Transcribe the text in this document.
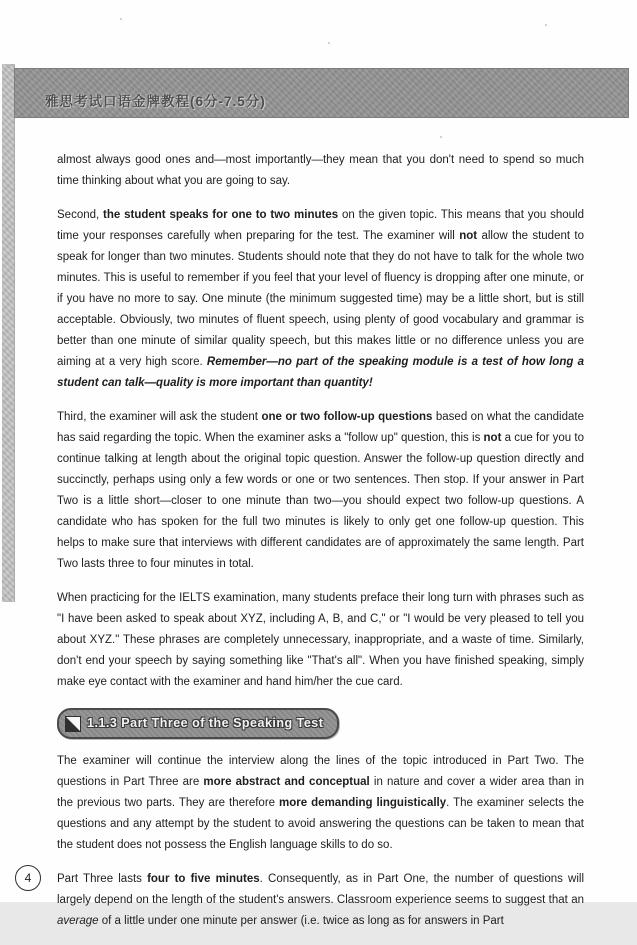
雅思考试口语金牌教程(6分-7.5分)

almost always good ones and—most importantly—they mean that you don't need to spend so much time thinking about what you are going to say.

Second, the student speaks for one to two minutes on the given topic. This means that you should time your responses carefully when preparing for the test. The examiner will not allow the student to speak for longer than two minutes. Students should note that they do not have to talk for the whole two minutes. This is useful to remember if you feel that your level of fluency is dropping after one minute, or if you have no more to say. One minute (the minimum suggested time) may be a little short, but is still acceptable. Obviously, two minutes of fluent speech, using plenty of good vocabulary and grammar is better than one minute of similar quality speech, but this makes little or no difference unless you are aiming at a very high score. Remember—no part of the speaking module is a test of how long a student can talk—quality is more important than quantity!

Third, the examiner will ask the student one or two follow-up questions based on what the candidate has said regarding the topic. When the examiner asks a "follow up" question, this is not a cue for you to continue talking at length about the original topic question. Answer the follow-up question directly and succinctly, perhaps using only a few words or one or two sentences. Then stop. If your answer in Part Two is a little short—closer to one minute than two—you should expect two follow-up questions. A candidate who has spoken for the full two minutes is likely to only get one follow-up question. This helps to make sure that interviews with different candidates are of approximately the same length. Part Two lasts three to four minutes in total.

When practicing for the IELTS examination, many students preface their long turn with phrases such as "I have been asked to speak about XYZ, including A, B, and C," or "I would be very pleased to tell you about XYZ." These phrases are completely unnecessary, inappropriate, and a waste of time. Similarly, don't end your speech by saying something like "That's all". When you have finished speaking, simply make eye contact with the examiner and hand him/her the cue card.

1.1.3 Part Three of the Speaking Test

The examiner will continue the interview along the lines of the topic introduced in Part Two. The questions in Part Three are more abstract and conceptual in nature and cover a wider area than in the previous two parts. They are therefore more demanding linguistically. The examiner selects the questions and any attempt by the student to avoid answering the questions can be taken to mean that the student does not possess the English language skills to do so.

Part Three lasts four to five minutes. Consequently, as in Part One, the number of questions will largely depend on the length of the student's answers. Classroom experience seems to suggest that an average of a little under one minute per answer (i.e. twice as long as for answers in Part

4
